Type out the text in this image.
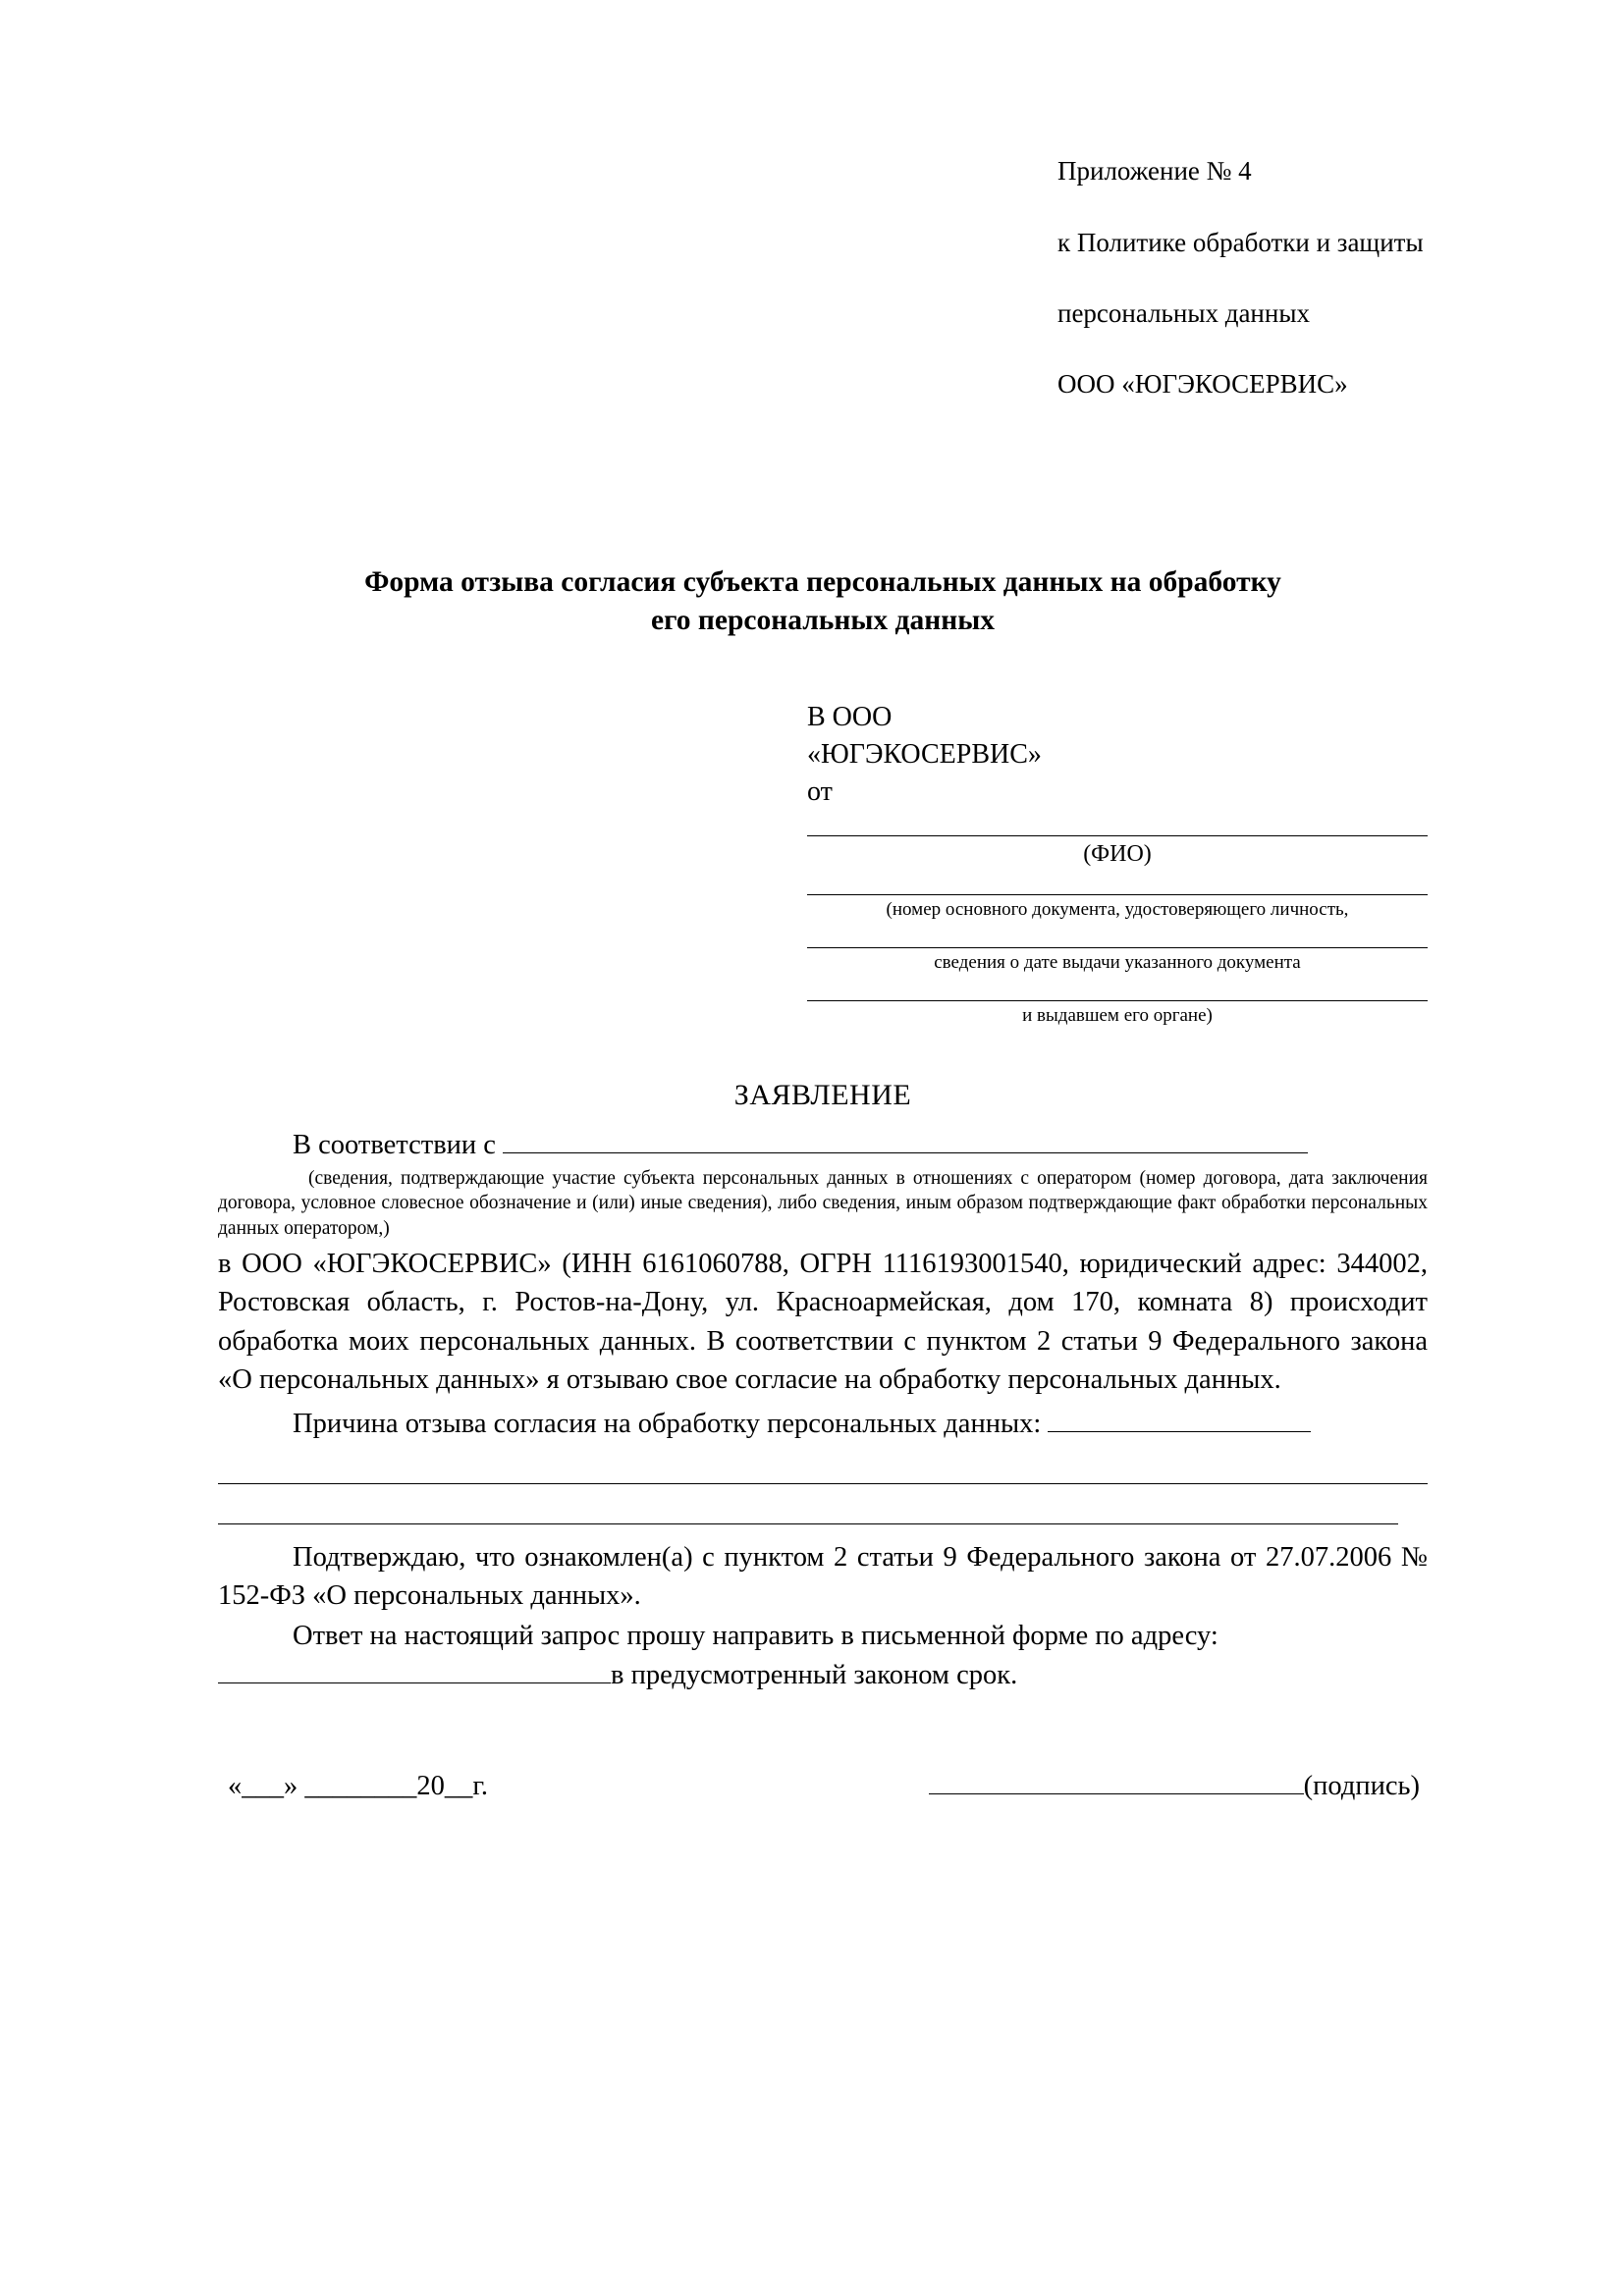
Приложение № 4

к Политике обработки и защиты

персональных данных

ООО «ЮГЭКОСЕРВИС»

Форма отзыва согласия субъекта персональных данных на обработку
его персональных данных
В ООО
«ЮГЭКОСЕРВИС»
от
(ФИО)
(номер основного документа, удостоверяющего личность,
сведения о дате выдачи указанного документа
и выдавшем его органе)
ЗАЯВЛЕНИЕ
В соответствии с
(сведения, подтверждающие участие субъекта персональных данных в отношениях с оператором (номер договора, дата заключения договора, условное словесное обозначение и (или) иные сведения), либо сведения, иным образом подтверждающие факт обработки персональных данных оператором,)
в ООО «ЮГЭКОСЕРВИС» (ИНН 6161060788, ОГРН 1116193001540, юридический адрес: 344002, Ростовская область, г. Ростов-на-Дону, ул. Красноармейская, дом 170, комната 8) происходит обработка моих персональных данных. В соответствии с пунктом 2 статьи 9 Федерального закона «О персональных данных» я отзываю свое согласие на обработку персональных данных.
Причина отзыва согласия на обработку персональных данных:
Подтверждаю, что ознакомлен(а) с пунктом 2 статьи 9 Федерального закона от 27.07.2006 № 152-ФЗ «О персональных данных».
Ответ на настоящий запрос прошу направить в письменной форме по адресу:
в предусмотренный законом срок.
«___» ________20__г.	(подпись)
